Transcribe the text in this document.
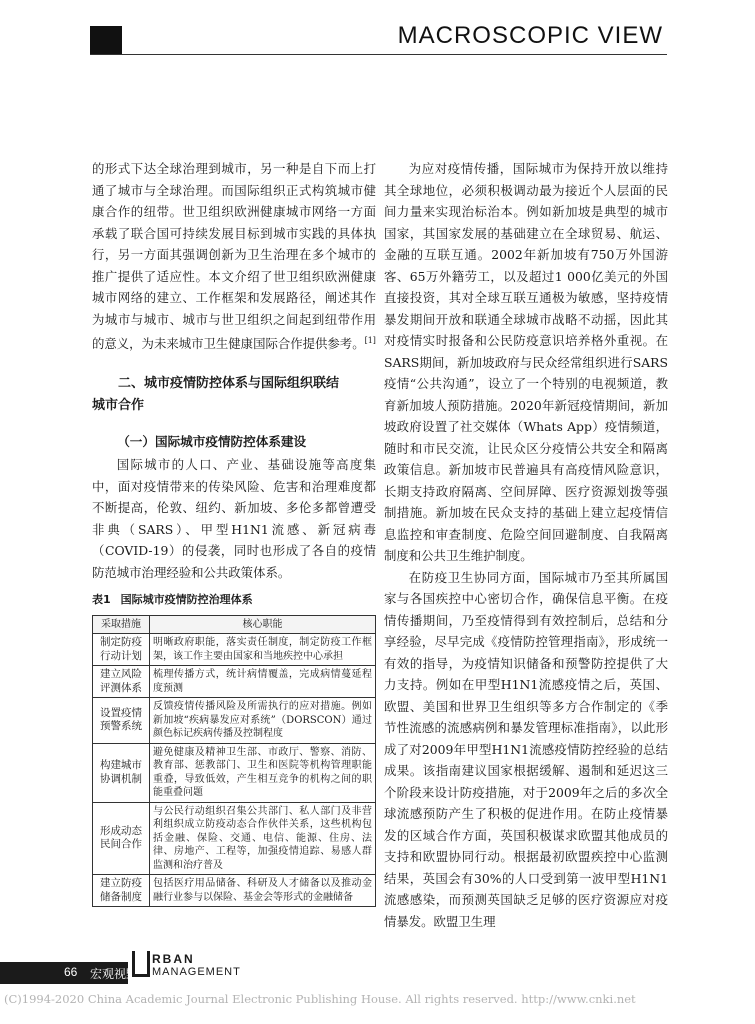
MACROSCOPIC VIEW

的形式下达全球治理到城市，另一种是自下而上打通了城市与全球治理。而国际组织正式构筑城市健康合作的纽带。世卫组织欧洲健康城市网络一方面承载了联合国可持续发展目标到城市实践的具体执行，另一方面其强调创新为卫生治理在多个城市的推广提供了适应性。本文介绍了世卫组织欧洲健康城市网络的建立、工作框架和发展路径，阐述其作为城市与城市、城市与世卫组织之间起到纽带作用的意义，为未来城市卫生健康国际合作提供参考。[1]

二、城市疫情防控体系与国际组织联结
城市合作
（一）国际城市疫情防控体系建设

国际城市的人口、产业、基础设施等高度集中，面对疫情带来的传染风险、危害和治理难度都不断提高，伦敦、纽约、新加坡、多伦多都曾遭受非典（SARS）、甲型H1N1流感、新冠病毒（COVID-19）的侵袭，同时也形成了各自的疫情防范城市治理经验和公共政策体系。

表1 国际城市疫情防控治理体系
采取措施	核心职能
制定防疫行动计划	明晰政府职能，落实责任制度，制定防疫工作框架，该工作主要由国家和当地疾控中心承担
建立风险评测体系	梳理传播方式，统计病情覆盖，完成病情蔓延程度预测
设置疫情预警系统	反馈疫情传播风险及所需执行的应对措施。例如新加坡“疾病暴发应对系统”（DORSCON）通过颜色标记疾病传播及控制程度
构建城市协调机制	避免健康及精神卫生部、市政厅、警察、消防、教育部、惩教部门、卫生和医院等机构管理职能重叠，导致低效，产生相互竞争的机构之间的职能重叠问题
形成动态民间合作	与公民行动组织召集公共部门、私人部门及非营利组织成立防疫动态合作伙伴关系，这些机构包括金融、保险、交通、电信、能源、住房、法律、房地产、工程等，加强疫情追踪、易感人群监测和治疗普及
建立防疫储备制度	包括医疗用品储备、科研及人才储备以及推动金融行业参与以保险、基金会等形式的金融储备

为应对疫情传播，国际城市为保持开放以维持其全球地位，必须积极调动最为接近个人层面的民间力量来实现治标治本。例如新加坡是典型的城市国家，其国家发展的基础建立在全球贸易、航运、金融的互联互通。2002年新加坡有750万外国游客、65万外籍劳工，以及超过1 000亿美元的外国直接投资，其对全球互联互通极为敏感，坚持疫情暴发期间开放和联通全球城市战略不动摇，因此其对疫情实时报备和公民防疫意识培养格外重视。在SARS期间，新加坡政府与民众经常组织进行SARS疫情“公共沟通”，设立了一个特别的电视频道，教育新加坡人预防措施。2020年新冠疫情期间，新加坡政府设置了社交媒体（Whats App）疫情频道，随时和市民交流，让民众区分疫情公共安全和隔离政策信息。新加坡市民普遍具有高疫情风险意识，长期支持政府隔离、空间屏障、医疗资源划拨等强制措施。新加坡在民众支持的基础上建立起疫情信息监控和审查制度、危险空间回避制度、自我隔离制度和公共卫生维护制度。

在防疫卫生协同方面，国际城市乃至其所属国家与各国疾控中心密切合作，确保信息平衡。在疫情传播期间，乃至疫情得到有效控制后，总结和分享经验，尽早完成《疫情防控管理指南》，形成统一有效的指导，为疫情知识储备和预警防控提供了大力支持。例如在甲型H1N1流感疫情之后，英国、欧盟、美国和世界卫生组织等多方合作制定的《季节性流感的流感病例和暴发管理标准指南》，以此形成了对2009年甲型H1N1流感疫情防控经验的总结成果。该指南建议国家根据缓解、遏制和延迟这三个阶段来设计防疫措施，对于2009年之后的多次全球流感预防产生了积极的促进作用。在防止疫情暴发的区域合作方面，英国积极谋求欧盟其他成员的支持和欧盟协同行动。根据最初欧盟疾控中心监测结果，英国会有30%的人口受到第一波甲型H1N1流感感染，而预测英国缺乏足够的医疗资源应对疫情暴发。欧盟卫生理

66 宏观视野
RBAN
MANAGEMENT
(C)1994-2020 China Academic Journal Electronic Publishing House. All rights reserved. http://www.cnki.net
